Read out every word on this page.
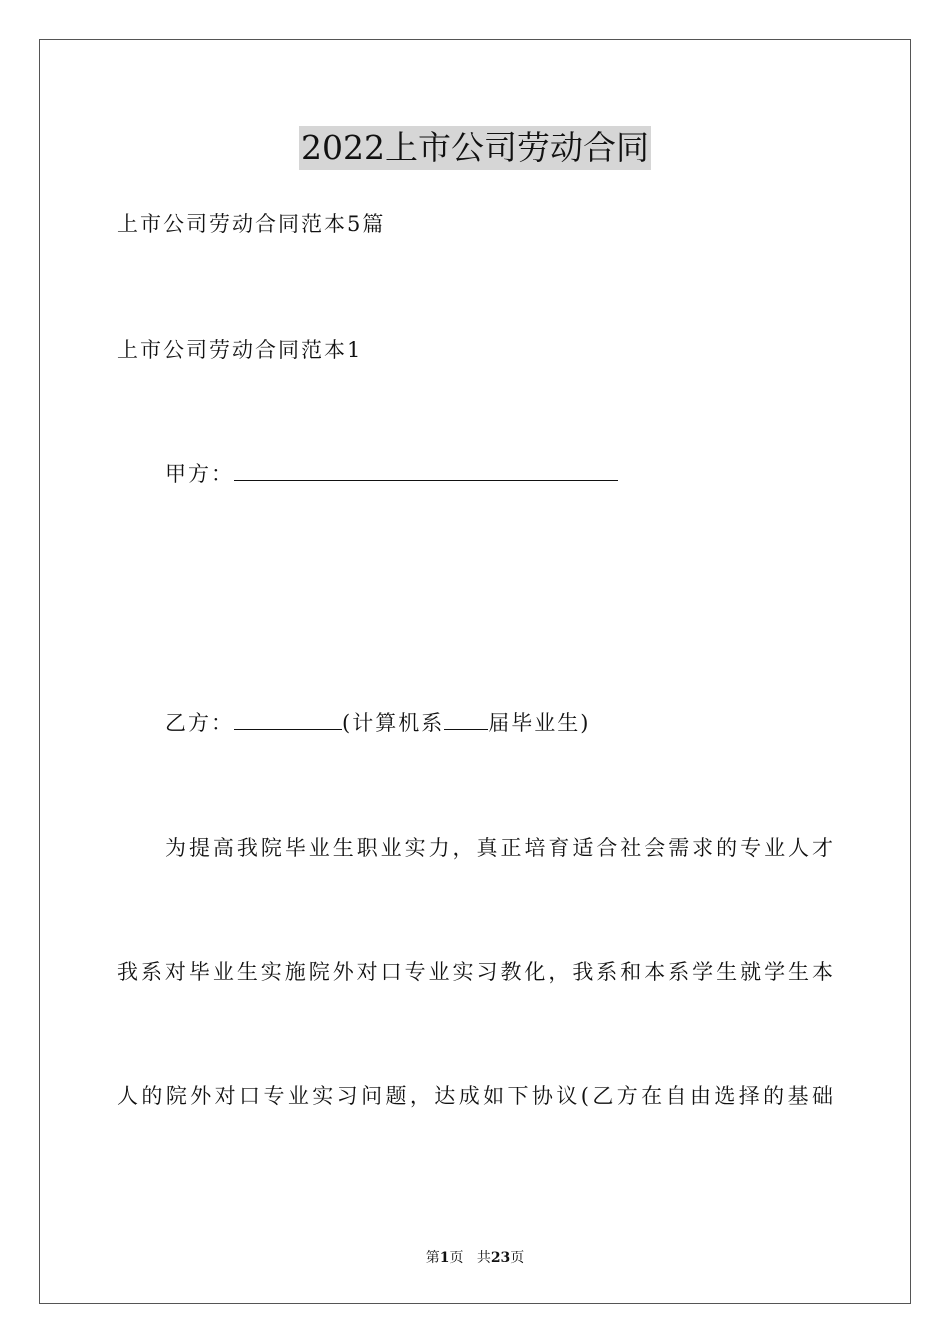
2022上市公司劳动合同

上市公司劳动合同范本5篇

上市公司劳动合同范本1

甲方：

乙方：	(计算机系 届毕业生)

为提高我院毕业生职业实力，真正培育适合社会需求的专业人才

我系对毕业生实施院外对口专业实习教化，我系和本系学生就学生本

人的院外对口专业实习问题，达成如下协议(乙方在自由选择的基础

第1页 共23页
